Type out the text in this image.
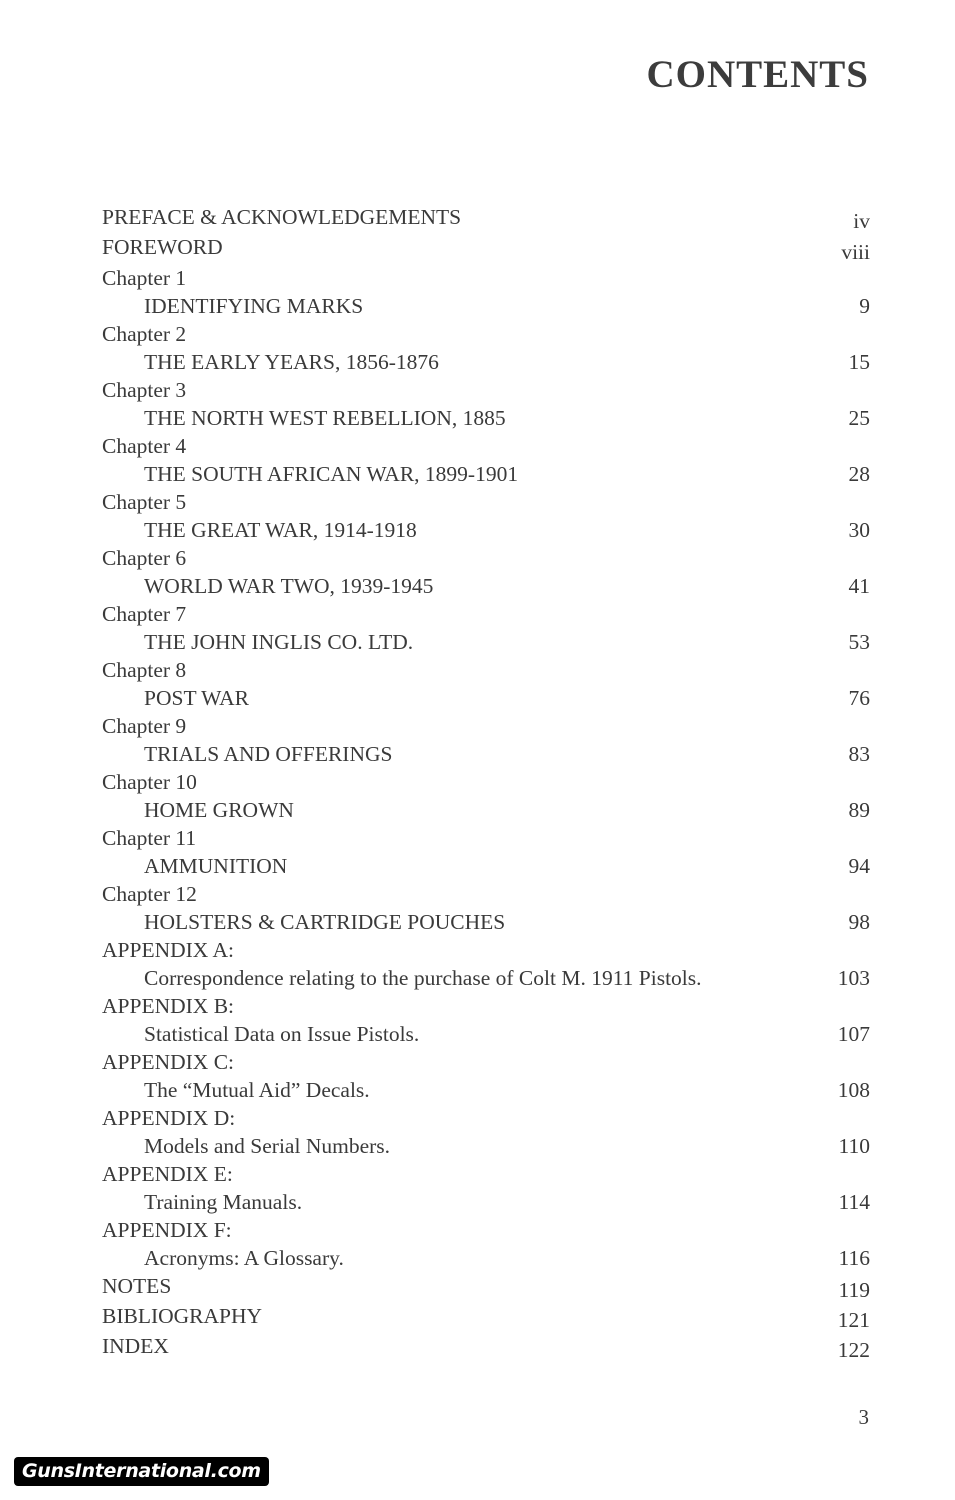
CONTENTS
PREFACE & ACKNOWLEDGEMENTS	iv
FOREWORD	viii
Chapter 1
IDENTIFYING MARKS	9
Chapter 2
THE EARLY YEARS, 1856-1876	15
Chapter 3
THE NORTH WEST REBELLION, 1885	25
Chapter 4
THE SOUTH AFRICAN WAR, 1899-1901	28
Chapter 5
THE GREAT WAR, 1914-1918	30
Chapter 6
WORLD WAR TWO, 1939-1945	41
Chapter 7
THE JOHN INGLIS CO. LTD.	53
Chapter 8
POST WAR	76
Chapter 9
TRIALS AND OFFERINGS	83
Chapter 10
HOME GROWN	89
Chapter 11
AMMUNITION	94
Chapter 12
HOLSTERS & CARTRIDGE POUCHES	98
APPENDIX A:
Correspondence relating to the purchase of Colt M. 1911 Pistols.	103
APPENDIX B:
Statistical Data on Issue Pistols.	107
APPENDIX C:
The “Mutual Aid” Decals.	108
APPENDIX D:
Models and Serial Numbers.	110
APPENDIX E:
Training Manuals.	114
APPENDIX F:
Acronyms: A Glossary.	116
NOTES	119
BIBLIOGRAPHY	121
INDEX	122
3
GunsInternational.com
